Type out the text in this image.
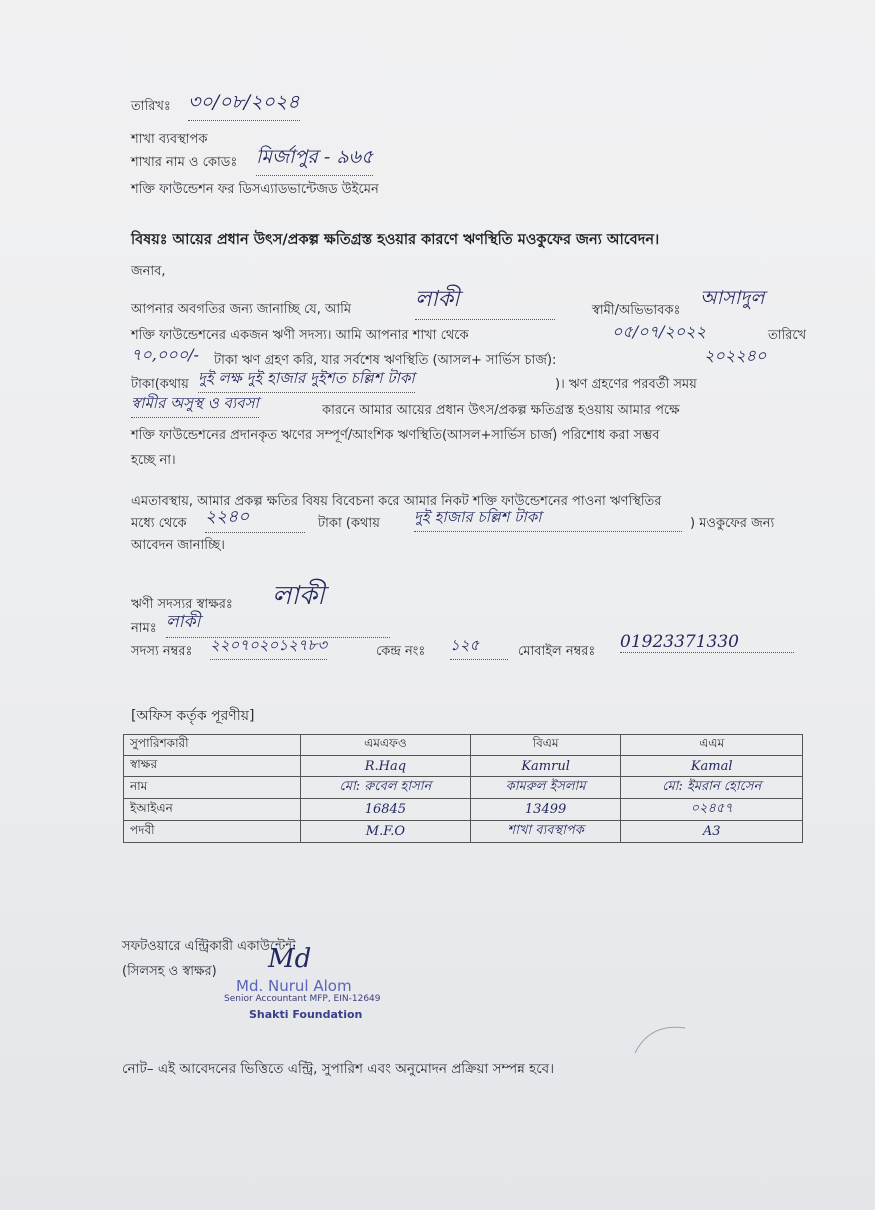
তারিখঃ ৩০/০৮/২০২৪
শাখা ব্যবস্থাপক
শাখার নাম ও কোডঃ মির্জাপুর - ৯৬৫
শক্তি ফাউন্ডেশন ফর ডিসএ্যাডভান্টেজড উইমেন
বিষয়ঃ আয়ের প্রধান উৎস/প্রকল্প ক্ষতিগ্রস্ত হওয়ার কারণে ঋণস্থিতি মওকুফের জন্য আবেদন।
জনাব,
আপনার অবগতির জন্য জানাচ্ছি যে, আমি	লাকী	স্বামী/অভিভাবকঃ
আসাদুল
শক্তি ফাউন্ডেশনের একজন ঋণী সদস্য। আমি আপনার শাখা থেকে	০৫/০৭/২০২২	তারিখে
৭০,০০০/- টাকা ঋণ গ্রহণ করি, যার সর্বশেষ ঋণস্থিতি (আসল+ সার্ভিস চার্জ):	২০২২৪০
টাকা(কথায় দুই লক্ষ দুই হাজার দুইশত চল্লিশ টাকা	)। ঋণ গ্রহণের পরবর্তী সময়
স্বামীর অসুস্থ ও ব্যবসা	কারনে আমার আয়ের প্রধান উৎস/প্রকল্প ক্ষতিগ্রস্ত হওয়ায় আমার পক্ষে
শক্তি ফাউন্ডেশনের প্রদানকৃত ঋণের সম্পূর্ণ/আংশিক ঋণস্থিতি(আসল+সার্ভিস চার্জ) পরিশোধ করা সম্ভব
হচ্ছে না।
এমতাবস্থায়, আমার প্রকল্প ক্ষতির বিষয় বিবেচনা করে আমার নিকট শক্তি ফাউন্ডেশনের পাওনা ঋণস্থিতির
মধ্যে থেকে ২২৪০	টাকা (কথায় দুই হাজার চল্লিশ টাকা	) মওকুফের জন্য
আবেদন জানাচ্ছি।
ঋণী সদস্যর স্বাক্ষরঃ লাকী
নামঃ লাকী
সদস্য নম্বরঃ ২২০৭০২০১২৭৮৩	কেন্দ্র নংঃ ১২৫	মোবাইল নম্বরঃ 01923371330
[অফিস কর্তৃক পূরণীয়]
সুপারিশকারী	এমএফও	বিএম	এএম
স্বাক্ষর	R.Haq	Kamrul	Kamal
নাম	মো: রুবেল হাসান	কামরুল ইসলাম	মো: ইমরান হোসেন
ইআইএন	16845	13499	০২৪৫৭
পদবী	M.F.O	শাখা ব্যবস্থাপক	A3
সফটওয়ারে এন্ট্রিকারী একাউন্টেন্ট
(সিলসহ ও স্বাক্ষর) Md
Md. Nurul Alom
Senior Accountant MFP, EIN-12649
Shakti Foundation
নোট– এই আবেদনের ভিত্তিতে এন্ট্রি, সুপারিশ এবং অনুমোদন প্রক্রিয়া সম্পন্ন হবে।
